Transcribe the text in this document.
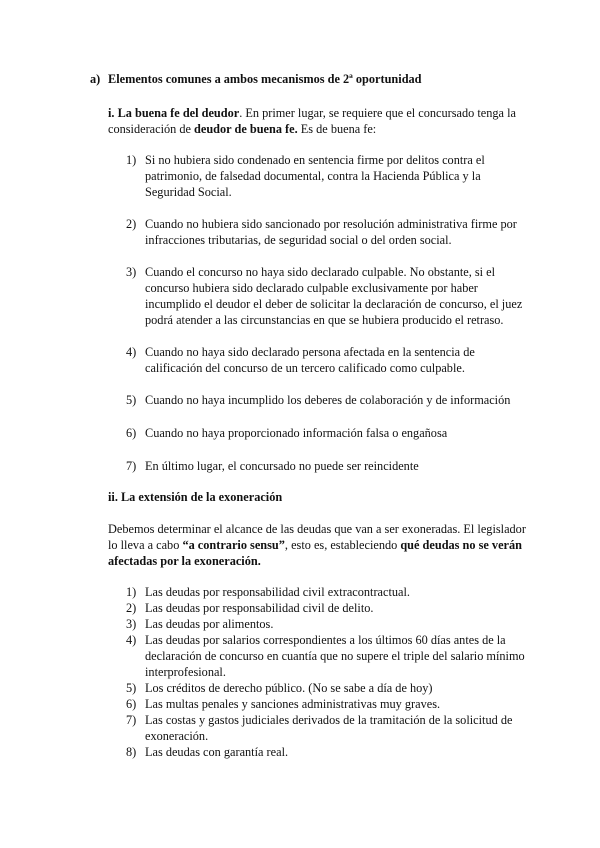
a) Elementos comunes a ambos mecanismos de 2ª oportunidad
i. La buena fe del deudor. En primer lugar, se requiere que el concursado tenga la consideración de deudor de buena fe. Es de buena fe:
1) Si no hubiera sido condenado en sentencia firme por delitos contra el patrimonio, de falsedad documental, contra la Hacienda Pública y la Seguridad Social.
2) Cuando no hubiera sido sancionado por resolución administrativa firme por infracciones tributarias, de seguridad social o del orden social.
3) Cuando el concurso no haya sido declarado culpable. No obstante, si el concurso hubiera sido declarado culpable exclusivamente por haber incumplido el deudor el deber de solicitar la declaración de concurso, el juez podrá atender a las circunstancias en que se hubiera producido el retraso.
4) Cuando no haya sido declarado persona afectada en la sentencia de calificación del concurso de un tercero calificado como culpable.
5) Cuando no haya incumplido los deberes de colaboración y de información
6) Cuando no haya proporcionado información falsa o engañosa
7) En último lugar, el concursado no puede ser reincidente
ii. La extensión de la exoneración
Debemos determinar el alcance de las deudas que van a ser exoneradas. El legislador lo lleva a cabo “a contrario sensu”, esto es, estableciendo qué deudas no se verán afectadas por la exoneración.
1) Las deudas por responsabilidad civil extracontractual.
2) Las deudas por responsabilidad civil de delito.
3) Las deudas por alimentos.
4) Las deudas por salarios correspondientes a los últimos 60 días antes de la declaración de concurso en cuantía que no supere el triple del salario mínimo interprofesional.
5) Los créditos de derecho público. (No se sabe a día de hoy)
6) Las multas penales y sanciones administrativas muy graves.
7) Las costas y gastos judiciales derivados de la tramitación de la solicitud de exoneración.
8) Las deudas con garantía real.
